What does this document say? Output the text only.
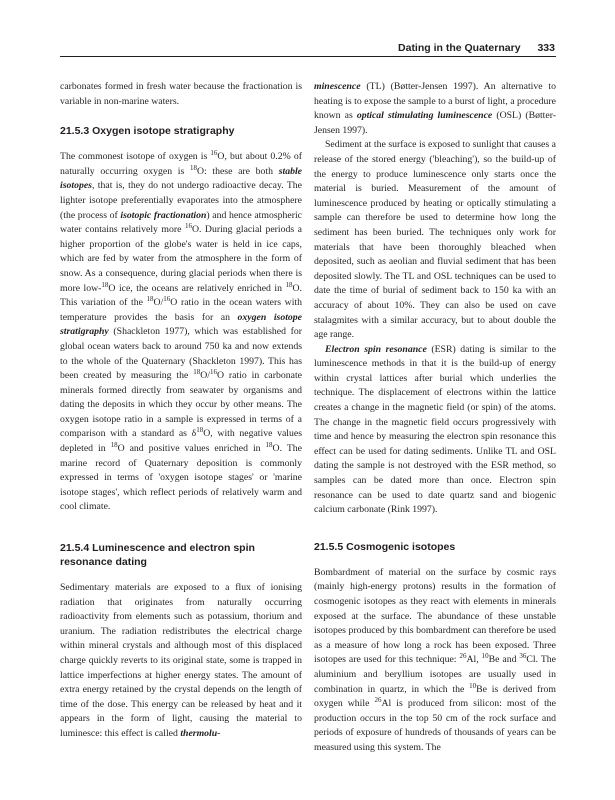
Dating in the Quaternary 333

carbonates formed in fresh water because the fractionation is variable in non-marine waters.

21.5.3 Oxygen isotope stratigraphy

The commonest isotope of oxygen is $^{16}$O, but about 0.2% of naturally occurring oxygen is $^{18}$O: these are both stable isotopes, that is, they do not undergo radioactive decay. The lighter isotope preferentially evaporates into the atmosphere (the process of isotopic fractionation) and hence atmospheric water contains relatively more $^{16}$O. During glacial periods a higher proportion of the globe's water is held in ice caps, which are fed by water from the atmosphere in the form of snow. As a consequence, during glacial periods when there is more low-$^{18}$O ice, the oceans are relatively enriched in $^{18}$O. This variation of the $^{18}$O/$^{16}$O ratio in the ocean waters with temperature provides the basis for an oxygen isotope stratigraphy (Shackleton 1977), which was established for global ocean waters back to around 750 ka and now extends to the whole of the Quaternary (Shackleton 1997). This has been created by measuring the $^{18}$O/$^{16}$O ratio in carbonate minerals formed directly from seawater by organisms and dating the deposits in which they occur by other means. The oxygen isotope ratio in a sample is expressed in terms of a comparison with a standard as $\delta^{18}O$, with negative values depleted in $^{18}$O and positive values enriched in $^{18}$O. The marine record of Quaternary deposition is commonly expressed in terms of 'oxygen isotope stages' or 'marine isotope stages', which reflect periods of relatively warm and cool climate.

21.5.4 Luminescence and electron spin resonance dating

Sedimentary materials are exposed to a flux of ionising radiation that originates from naturally occurring radioactivity from elements such as potassium, thorium and uranium. The radiation redistributes the electrical charge within mineral crystals and although most of this displaced charge quickly reverts to its original state, some is trapped in lattice imperfections at higher energy states. The amount of extra energy retained by the crystal depends on the length of time of the dose. This energy can be released by heat and it appears in the form of light, causing the material to luminesce: this effect is called thermolu-

minescence (TL) (Bøtter-Jensen 1997). An alternative to heating is to expose the sample to a burst of light, a procedure known as optical stimulating luminescence (OSL) (Bøtter-Jensen 1997).

Sediment at the surface is exposed to sunlight that causes a release of the stored energy ('bleaching'), so the build-up of the energy to produce luminescence only starts once the material is buried. Measurement of the amount of luminescence produced by heating or optically stimulating a sample can therefore be used to determine how long the sediment has been buried. The techniques only work for materials that have been thoroughly bleached when deposited, such as aeolian and fluvial sediment that has been deposited slowly. The TL and OSL techniques can be used to date the time of burial of sediment back to 150 ka with an accuracy of about 10%. They can also be used on cave stalagmites with a similar accuracy, but to about double the age range.

Electron spin resonance (ESR) dating is similar to the luminescence methods in that it is the build-up of energy within crystal lattices after burial which underlies the technique. The displacement of electrons within the lattice creates a change in the magnetic field (or spin) of the atoms. The change in the magnetic field occurs progressively with time and hence by measuring the electron spin resonance this effect can be used for dating sediments. Unlike TL and OSL dating the sample is not destroyed with the ESR method, so samples can be dated more than once. Electron spin resonance can be used to date quartz sand and biogenic calcium carbonate (Rink 1997).

21.5.5 Cosmogenic isotopes

Bombardment of material on the surface by cosmic rays (mainly high-energy protons) results in the formation of cosmogenic isotopes as they react with elements in minerals exposed at the surface. The abundance of these unstable isotopes produced by this bombardment can therefore be used as a measure of how long a rock has been exposed. Three isotopes are used for this technique: $^{26}$Al, $^{10}$Be and $^{36}$Cl. The aluminium and beryllium isotopes are usually used in combination in quartz, in which the $^{10}$Be is derived from oxygen while $^{26}$Al is produced from silicon: most of the production occurs in the top 50 cm of the rock surface and periods of exposure of hundreds of thousands of years can be measured using this system. The
